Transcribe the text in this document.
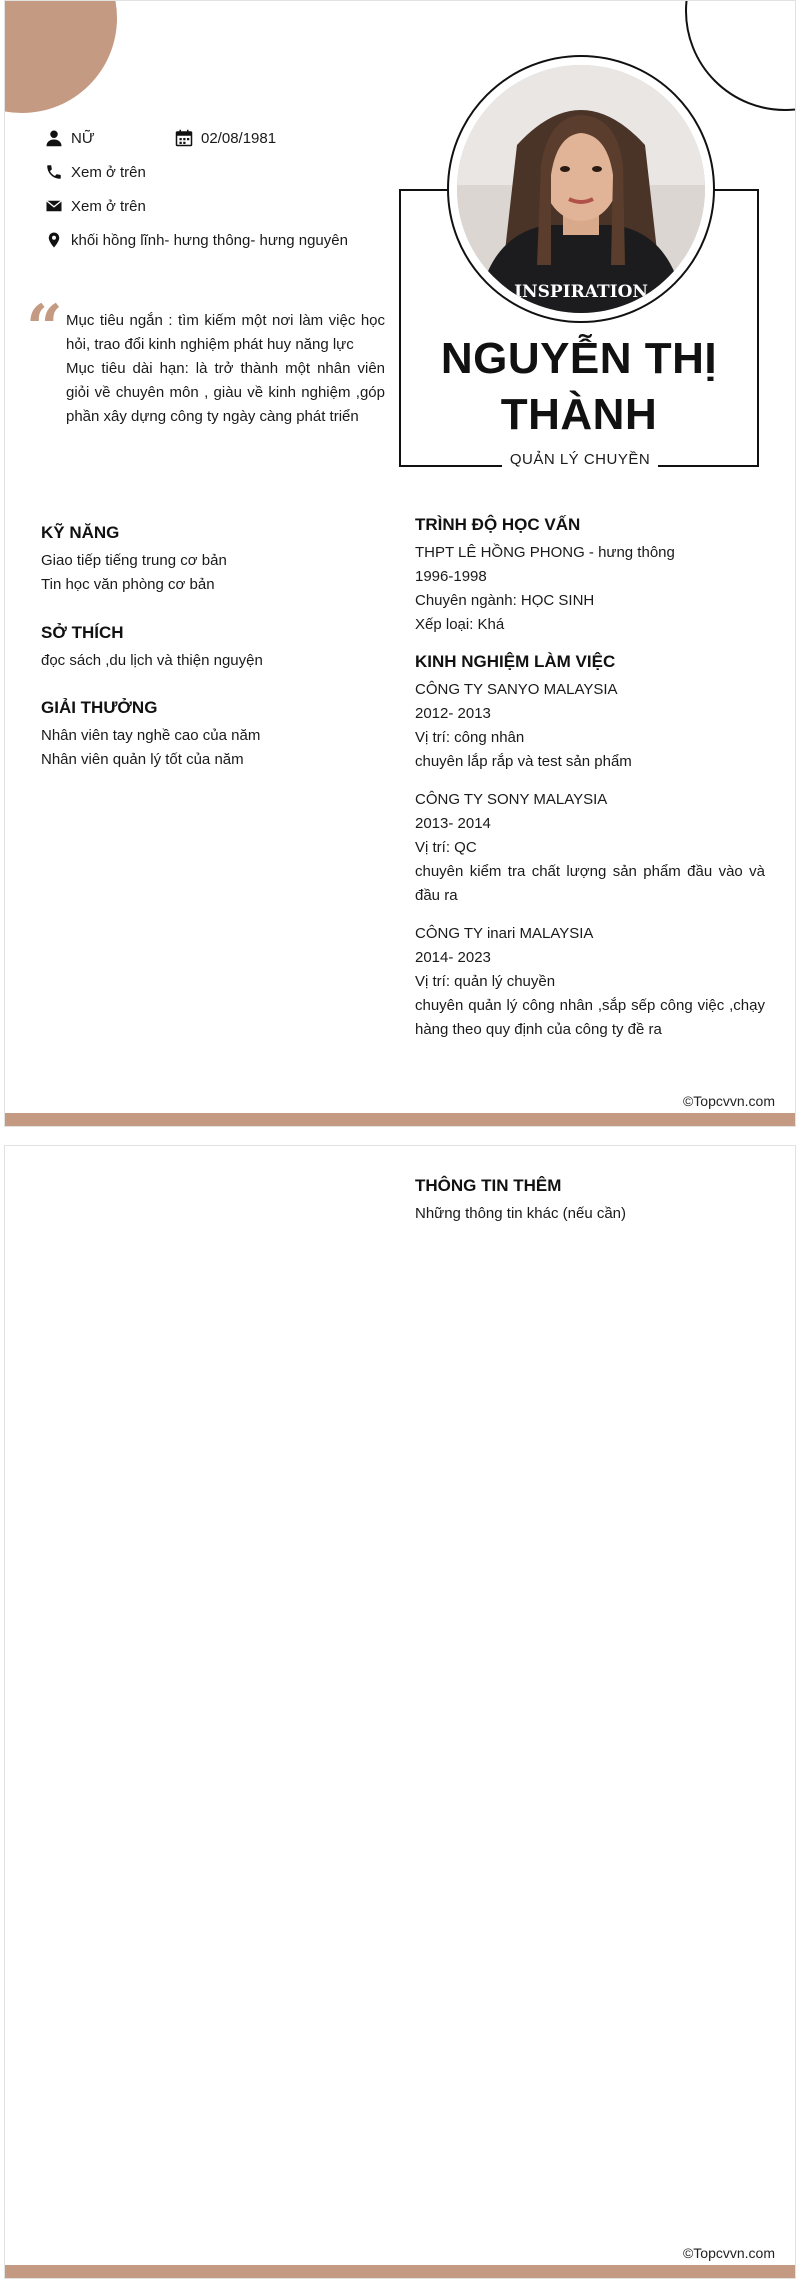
NỮ	02/08/1981
Xem ở trên
Xem ở trên
khối hồng lĩnh- hưng thông- hưng nguyên
“ Mục tiêu ngắn : tìm kiếm một nơi làm việc học hỏi, trao đổi kinh nghiệm phát huy năng lực

Mục tiêu dài hạn: là trở thành một nhân viên giỏi về chuyên môn , giàu về kinh nghiệm ,góp phần xây dựng công ty ngày càng phát triển

INSPIRATION
NGUYỄN THỊ
THÀNH
QUẢN LÝ CHUYỀN
KỸ NĂNG
Giao tiếp tiếng trung cơ bản
Tin học văn phòng cơ bản
SỞ THÍCH
đọc sách ,du lịch và thiện nguyện
GIẢI THƯỞNG
Nhân viên tay nghề cao của năm
Nhân viên quản lý tốt của năm
TRÌNH ĐỘ HỌC VẤN
THPT LÊ HỒNG PHONG - hưng thông
1996-1998
Chuyên ngành: HỌC SINH
Xếp loại: Khá
KINH NGHIỆM LÀM VIỆC
CÔNG TY SANYO MALAYSIA
2012- 2013
Vị trí: công nhân
chuyên lắp rắp và test sản phẩm
CÔNG TY SONY MALAYSIA
2013- 2014
Vị trí: QC
chuyên kiểm tra chất lượng sản phẩm đầu vào và đầu ra
CÔNG TY inari MALAYSIA
2014- 2023
Vị trí: quản lý chuyền
chuyên quản lý công nhân ,sắp sếp công việc ,chạy hàng theo quy định của công ty đề ra
©Topcvvn.com
THÔNG TIN THÊM
Những thông tin khác (nếu cần)
©Topcvvn.com
